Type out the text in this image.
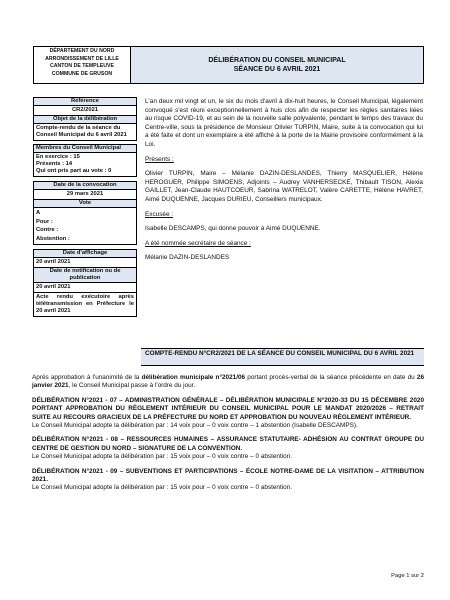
DÉPARTEMENT DU NORD
ARRONDISSEMENT DE LILLE
CANTON DE TEMPLEUVE
COMMUNE DE GRUSON
DÉLIBÉRATION DU CONSEIL MUNICIPAL
SÉANCE DU 6 AVRIL 2021
Référence
CR2/2021
Objet de la délibération
Compte-rendu de la séance du Conseil Municipal du 6 avril 2021
Membres du Conseil Municipal
En exercice : 15
Présents : 14
Qui ont pris part au vote : 0
Date de la convocation
29 mars 2021
Vote
A
Pour :
Contre :
Abstention :
Date d'affichage
20 avril 2021
Date de notification ou de publication
20 avril 2021
Acte rendu exécutoire après télétransmission en Préfecture le 20 avril 2021

L'an deux mil vingt et un, le six du mois d'avril à dix-huit heures, le Conseil Municipal, légalement convoqué s'est réuni exceptionnellement à huis clos afin de respecter les règles sanitaires liées au risque COVID-19, et au sein de la nouvelle salle polyvalente, pendant le temps des travaux du Centre-ville, sous la présidence de Monsieur Olivier TURPIN, Maire, suite à la convocation qui lui a été faite et dont un exemplaire a été affiché à la porte de la Mairie provisoire conformément à la Loi.

Présents :

Olivier TURPIN, Maire – Mélanie DAZIN-DESLANDES, Thierry MASQUELIER, Hélène HEROGUER, Philippe SIMOENS, Adjoints – Audrey VANHERSECKE, Thibault TISON, Alexia GAILLET, Jean-Claude HAUTCOEUR, Sabrina WATRELOT, Valère CARETTE, Hélène HAVRET, Aimé DUQUENNE, Jacques DURIEU, Conseillers municipaux.

Excusée :

Isabelle DESCAMPS, qui donne pouvoir à Aimé DUQUENNE.

A été nommée secrétaire de séance :

Mélanie DAZIN-DESLANDES

COMPTE-RENDU N°CR2/2021 DE LA SÉANCE DU CONSEIL MUNICIPAL DU 6 AVRIL 2021

Après approbation à l'unanimité de la délibération municipale n°2021/06 portant procès-verbal de la séance précédente en date du 26 janvier 2021, le Conseil Municipal passe à l'ordre du jour.

DÉLIBÉRATION N°2021 - 07 – ADMINISTRATION GÉNÉRALE – DÉLIBÉRATION MUNICIPALE N°2020-33 DU 15 DÉCEMBRE 2020 PORTANT APPROBATION DU RÈGLEMENT INTÉRIEUR DU CONSEIL MUNICIPAL POUR LE MANDAT 2020/2026 – RETRAIT SUITE AU RECOURS GRACIEUX DE LA PRÉFECTURE DU NORD ET APPROBATION DU NOUVEAU RÈGLEMENT INTÉRIEUR.

Le Conseil Municipal adopte la délibération par : 14 voix pour – 0 voix contre – 1 abstention (Isabelle DESCAMPS).

DÉLIBÉRATION N°2021 - 08 – RESSOURCES HUMAINES – ASSURANCE STATUTAIRE- ADHÉSION AU CONTRAT GROUPE DU CENTRE DE GESTION DU NORD – SIGNATURE DE LA CONVENTION.

Le Conseil Municipal adopte la délibération par : 15 voix pour – 0 voix contre – 0 abstention.

DÉLIBÉRATION N°2021 - 09 – SUBVENTIONS ET PARTICIPATIONS – ÉCOLE NOTRE-DAME DE LA VISITATION – ATTRIBUTION 2021.

Le Conseil Municipal adopte la délibération par : 15 voix pour – 0 voix contre – 0 abstention.

Page 1 sur 2
